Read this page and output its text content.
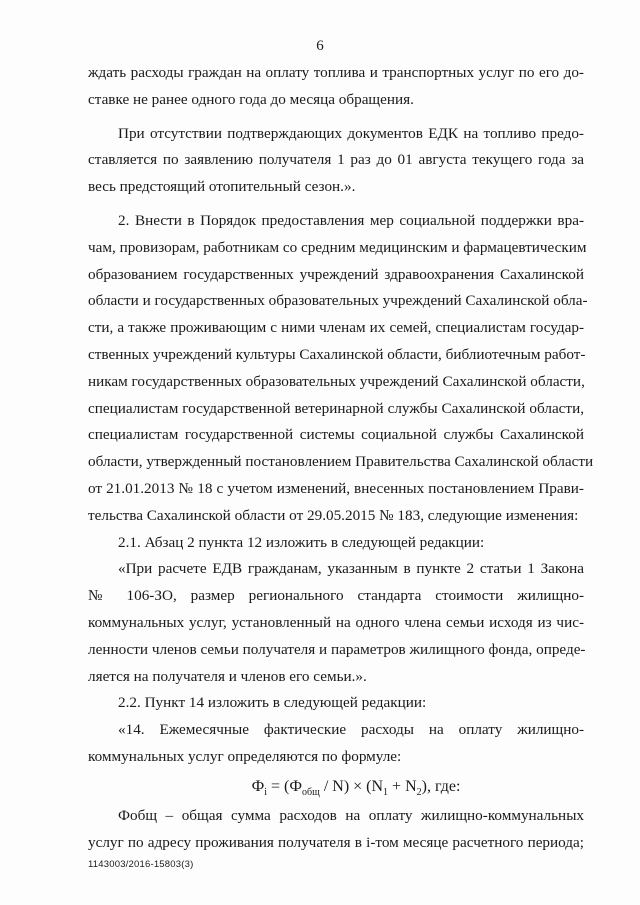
6
ждать расходы граждан на оплату топлива и транспортных услуг по его до-
ставке не ранее одного года до месяца обращения.
При отсутствии подтверждающих документов ЕДК на топливо предо-
ставляется по заявлению получателя 1 раз до 01 августа текущего года за
весь предстоящий отопительный сезон.».
2. Внести в Порядок предоставления мер социальной поддержки вра-
чам, провизорам, работникам со средним медицинским и фармацевтическим
образованием государственных учреждений здравоохранения Сахалинской
области и государственных образовательных учреждений Сахалинской обла-
сти, а также проживающим с ними членам их семей, специалистам государ-
ственных учреждений культуры Сахалинской области, библиотечным работ-
никам государственных образовательных учреждений Сахалинской области,
специалистам государственной ветеринарной службы Сахалинской области,
специалистам государственной системы социальной службы Сахалинской
области, утвержденный постановлением Правительства Сахалинской области
от 21.01.2013 № 18 с учетом изменений, внесенных постановлением Прави-
тельства Сахалинской области от 29.05.2015 № 183, следующие изменения:
2.1. Абзац 2 пункта 12 изложить в следующей редакции:
«При расчете ЕДВ гражданам, указанным в пункте 2 статьи 1 Закона
№ 106-ЗО, размер регионального стандарта стоимости жилищно-
коммунальных услуг, установленный на одного члена семьи исходя из чис-
ленности членов семьи получателя и параметров жилищного фонда, опреде-
ляется на получателя и членов его семьи.».
2.2. Пункт 14 изложить в следующей редакции:
«14. Ежемесячные фактические расходы на оплату жилищно-
коммунальных услуг определяются по формуле:
$Ф_i = (Ф_{общ} / N) \times (N_1 + N_2)$, где:
Фобщ – общая сумма расходов на оплату жилищно-коммунальных
услуг по адресу проживания получателя в i-том месяце расчетного периода;
1143003/2016-15803(3)
